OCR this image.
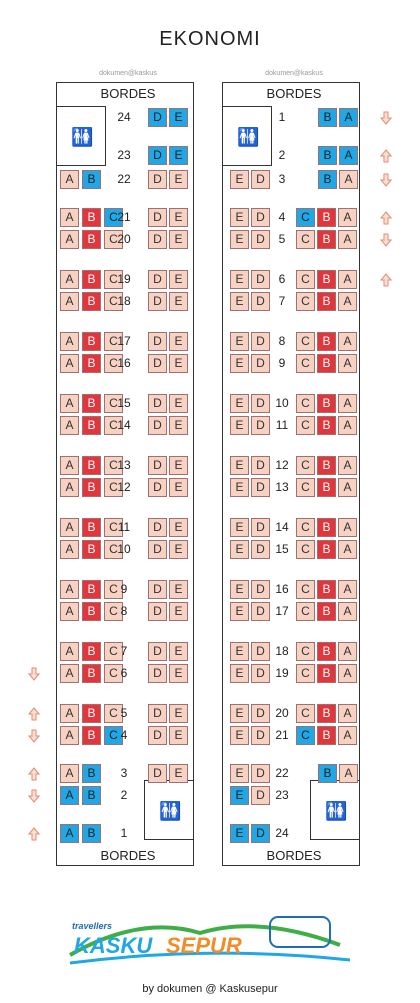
EKONOMI
dokumen@kaskus	dokumen@kaskus
BORDES	BORDES
BORDES	BORDES
🚻
🚻
🚻
🚻
24	D	E
23	D	E
A	B	22	D	E
A	B	C 21	D	E
A	B	C 20	D	E
A	B	C 19	D	E
A	B	C 18	D	E
A	B	C 17	D	E
A	B	C 16	D	E
A	B	C 15	D	E
A	B	C 14	D	E
A	B	C 13	D	E
A	B	C 12	D	E
A	B	C 11	D	E
A	B	C 10	D	E
A	B	C 9	D	E
A	B	C 8	D	E
A	B	C 7	D	E
A	B	C 6	D	E
A	B	C 5	D	E
A	B	C 4	D	E
A	B	3	D	E
A	B	2
A	B	1
1	B	A
2	B	A
E	D	3	B	A
E	D	4	C	B	A
E	D	5	C	B	A
E	D	6	C	B	A
E	D	7	C	B	A
E	D	8	C	B	A
E	D	9	C	B	A
E	D 10	C	B	A
E	D 11	C	B	A
E	D 12	C	B	A
E	D 13	C	B	A
E	D 14	C	B	A
E	D 15	C	B	A
E	D 16	C	B	A
E	D 17	C	B	A
E	D 18	C	B	A
E	D 19	C	B	A
E	D 20	C	B	A
E	D 21	C	B	A
E	D 22	B	A
E	D 23
E	D 24
travellers
KASKU SEPUR
by dokumen @ Kaskusepur
